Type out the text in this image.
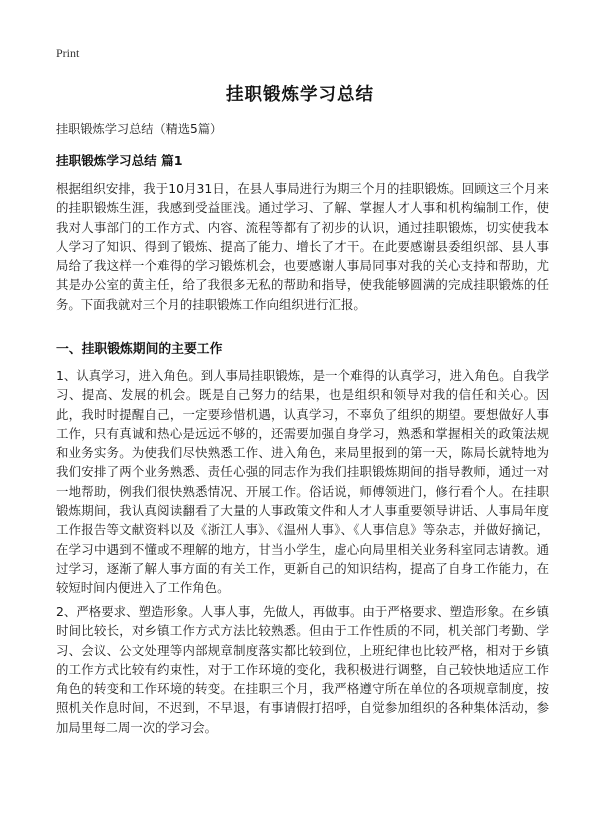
Print
挂职锻炼学习总结
挂职锻炼学习总结（精选5篇）
挂职锻炼学习总结 篇1

根据组织安排，我于10月31日，在县人事局进行为期三个月的挂职锻炼。回顾这三个月来的挂职锻炼生涯，我感到受益匪浅。通过学习、了解、掌握人才人事和机构编制工作，使我对人事部门的工作方式、内容、流程等都有了初步的认识，通过挂职锻炼，切实使我本人学习了知识、得到了锻炼、提高了能力、增长了才干。在此要感谢县委组织部、县人事局给了我这样一个难得的学习锻炼机会，也要感谢人事局同事对我的关心支持和帮助，尤其是办公室的黄主任，给了我很多无私的帮助和指导，使我能够圆满的完成挂职锻炼的任务。下面我就对三个月的挂职锻炼工作向组织进行汇报。

一、挂职锻炼期间的主要工作

1、认真学习，进入角色。到人事局挂职锻炼，是一个难得的认真学习，进入角色。自我学习、提高、发展的机会。既是自己努力的结果，也是组织和领导对我的信任和关心。因此，我时时提醒自己，一定要珍惜机遇，认真学习，不辜负了组织的期望。要想做好人事工作，只有真诚和热心是远远不够的，还需要加强自身学习，熟悉和掌握相关的政策法规和业务实务。为使我们尽快熟悉工作、进入角色，来局里报到的第一天，陈局长就特地为我们安排了两个业务熟悉、责任心强的同志作为我们挂职锻炼期间的指导教师，通过一对一地帮助，例我们很快熟悉情况、开展工作。俗话说，师傅领进门，修行看个人。在挂职锻炼期间，我认真阅读翻看了大量的人事政策文件和人才人事重要领导讲话、人事局年度工作报告等文献资料以及《浙江人事》、《温州人事》、《人事信息》等杂志，并做好摘记，在学习中遇到不懂或不理解的地方，甘当小学生，虚心向局里相关业务科室同志请教。通过学习，逐渐了解人事方面的有关工作，更新自己的知识结构，提高了自身工作能力，在较短时间内便进入了工作角色。

2、严格要求、塑造形象。人事人事，先做人，再做事。由于严格要求、塑造形象。在乡镇时间比较长，对乡镇工作方式方法比较熟悉。但由于工作性质的不同，机关部门考勤、学习、会议、公文处理等内部规章制度落实都比较到位，上班纪律也比较严格，相对于乡镇的工作方式比较有约束性，对于工作环境的变化，我积极进行调整，自己较快地适应工作角色的转变和工作环境的转变。在挂职三个月，我严格遵守所在单位的各项规章制度，按照机关作息时间，不迟到，不早退，有事请假打招呼，自觉参加组织的各种集体活动，参加局里每二周一次的学习会。
